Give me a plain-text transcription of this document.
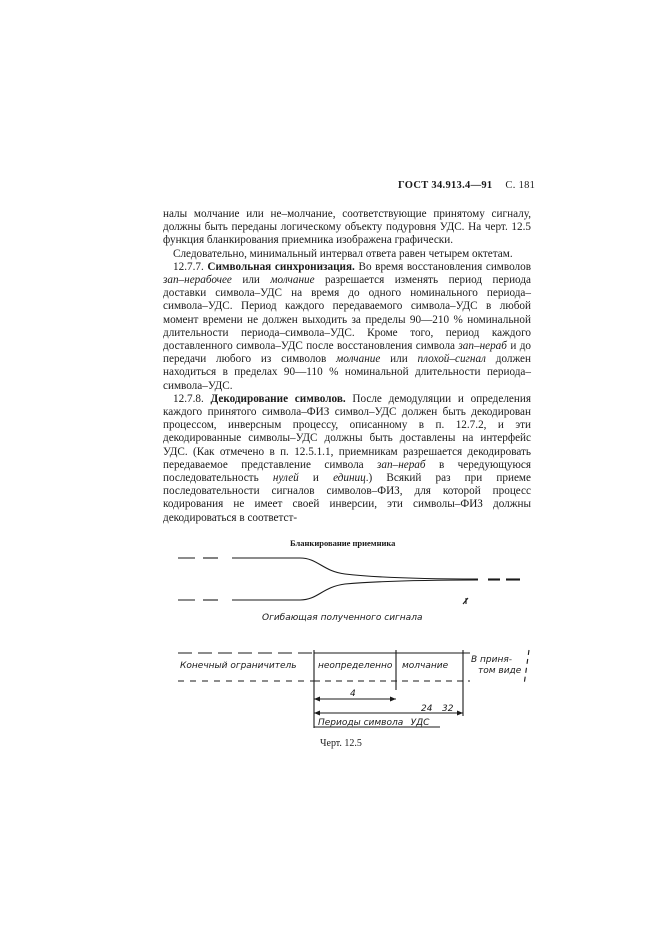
ГОСТ 34.913.4—91 С. 181

налы молчание или не–молчание, соответствующие принятому сигналу, должны быть переданы логическому объекту подуровня УДС. На черт. 12.5 функция бланкирования приемника изображена графически.

Следовательно, минимальный интервал ответа равен четырем октетам.

12.7.7. Символьная синхронизация. Во время восстановления символов зап–нерабочее или молчание разрешается изменять период периода доставки символа–УДС на время до одного номинального периода–символа–УДС. Период каждого передаваемого символа–УДС в любой момент времени не должен выходить за пределы 90—210 % номинальной длительности периода–символа–УДС. Кроме того, период каждого доставленного символа–УДС после восстановления символа зап–нераб и до передачи любого из символов молчание или плохой–сигнал должен находиться в пределах 90—110 % номинальной длительности периода–символа–УДС.

12.7.8. Декодирование символов. После демодуляции и определения каждого принятого символа–ФИЗ символ–УДС должен быть декодирован процессом, инверсным процессу, описанному в п. 12.7.2, и эти декодированные символы–УДС должны быть доставлены на интерфейс УДС. (Как отмечено в п. 12.5.1.1, приемникам разрешается декодировать передаваемое представление символа зап–нераб в чередующуюся последовательность нулей и единиц.) Всякий раз при приеме последовательности сигналов символов–ФИЗ, для которой процесс кодирования не имеет своей инверсии, эти символы–ФИЗ должны декодироваться в соответст-

Бланкирование приемника
Огибающая полученного сигнала
Конечный ограничитель неопределенно молчание
В приня-
том виде
4
24 32
Периоды символа _УДС
Черт. 12.5
